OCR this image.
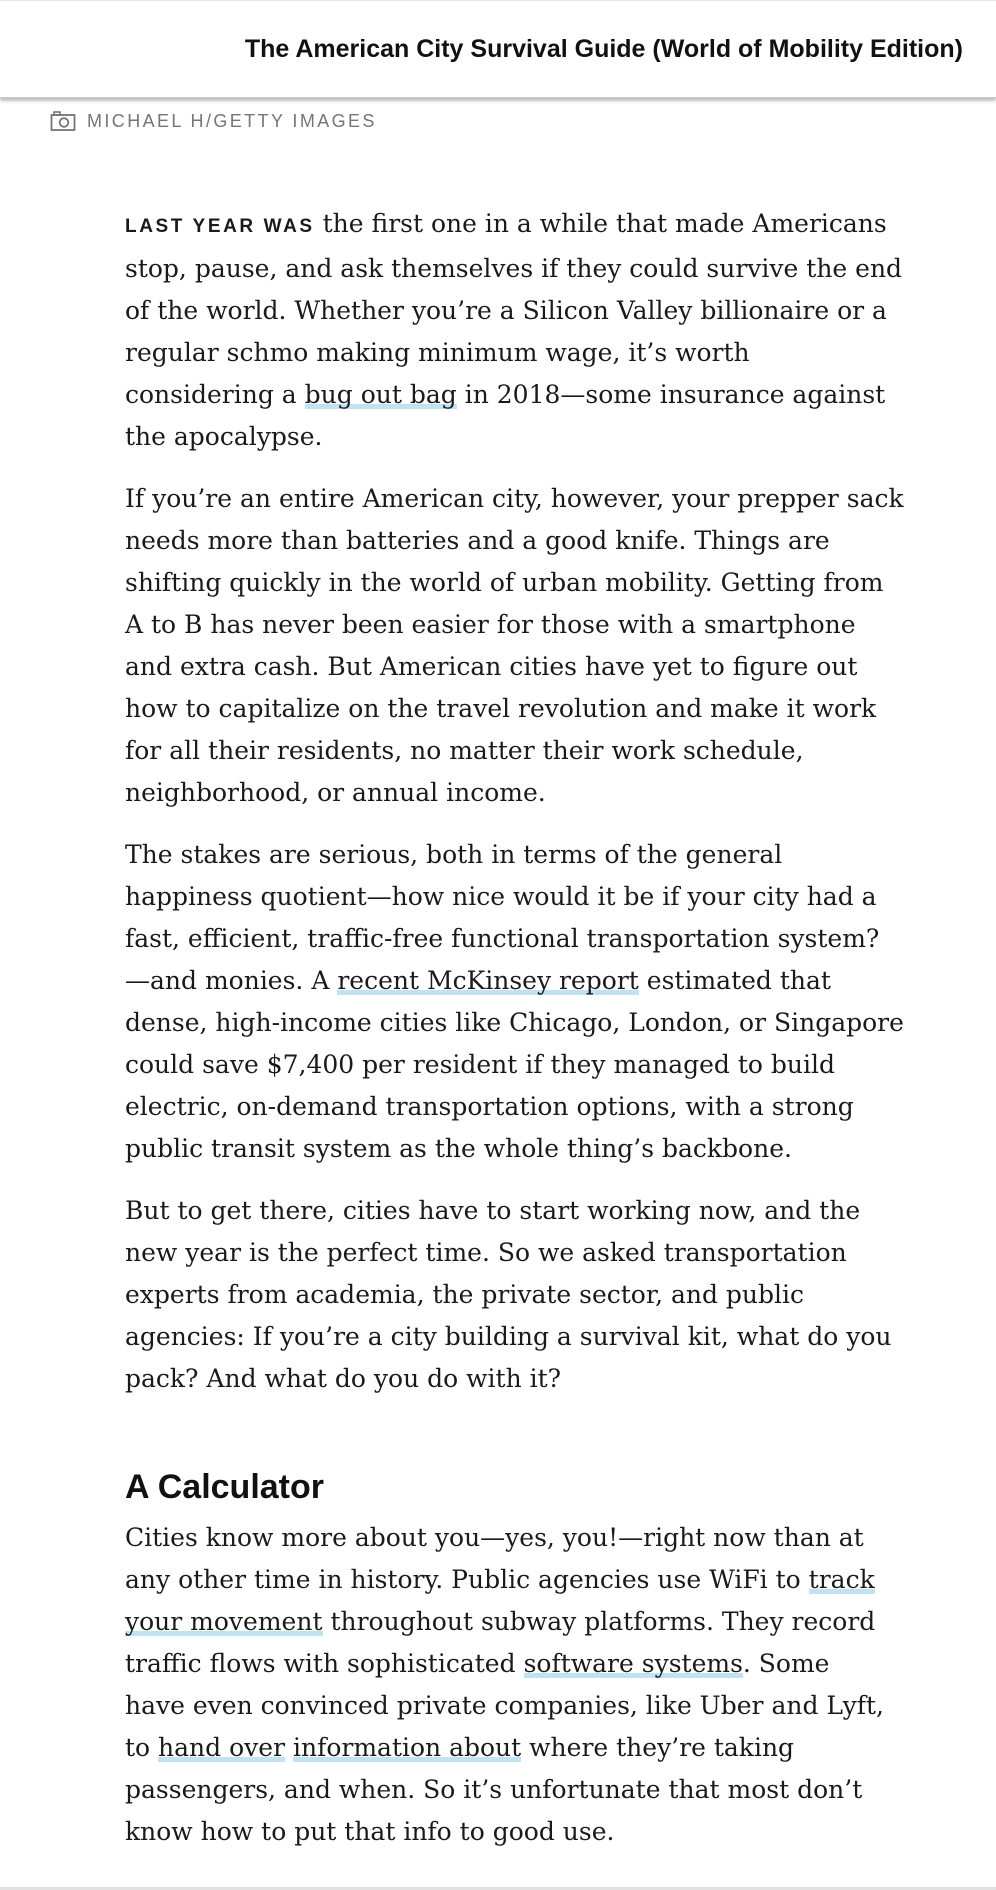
The American City Survival Guide (World of Mobility Edition)
MICHAEL H/GETTY IMAGES

LAST YEAR WAS the first one in a while that made Americans
stop, pause, and ask themselves if they could survive the end
of the world. Whether you’re a Silicon Valley billionaire or a
regular schmo making minimum wage, it’s worth
considering a bug out bag in 2018—some insurance against
the apocalypse.

If you’re an entire American city, however, your prepper sack
needs more than batteries and a good knife. Things are
shifting quickly in the world of urban mobility. Getting from
A to B has never been easier for those with a smartphone
and extra cash. But American cities have yet to figure out
how to capitalize on the travel revolution and make it work
for all their residents, no matter their work schedule,
neighborhood, or annual income.

The stakes are serious, both in terms of the general
happiness quotient—how nice would it be if your city had a
fast, efficient, traffic-free functional transportation system?
—and monies. A recent McKinsey report estimated that
dense, high-income cities like Chicago, London, or Singapore
could save $7,400 per resident if they managed to build
electric, on-demand transportation options, with a strong
public transit system as the whole thing’s backbone.

But to get there, cities have to start working now, and the
new year is the perfect time. So we asked transportation
experts from academia, the private sector, and public
agencies: If you’re a city building a survival kit, what do you
pack? And what do you do with it?

A Calculator

Cities know more about you—yes, you!—right now than at
any other time in history. Public agencies use WiFi to track
your movement throughout subway platforms. They record
traffic flows with sophisticated software systems. Some
have even convinced private companies, like Uber and Lyft,
to hand over information about where they’re taking
passengers, and when. So it’s unfortunate that most don’t
know how to put that info to good use.
